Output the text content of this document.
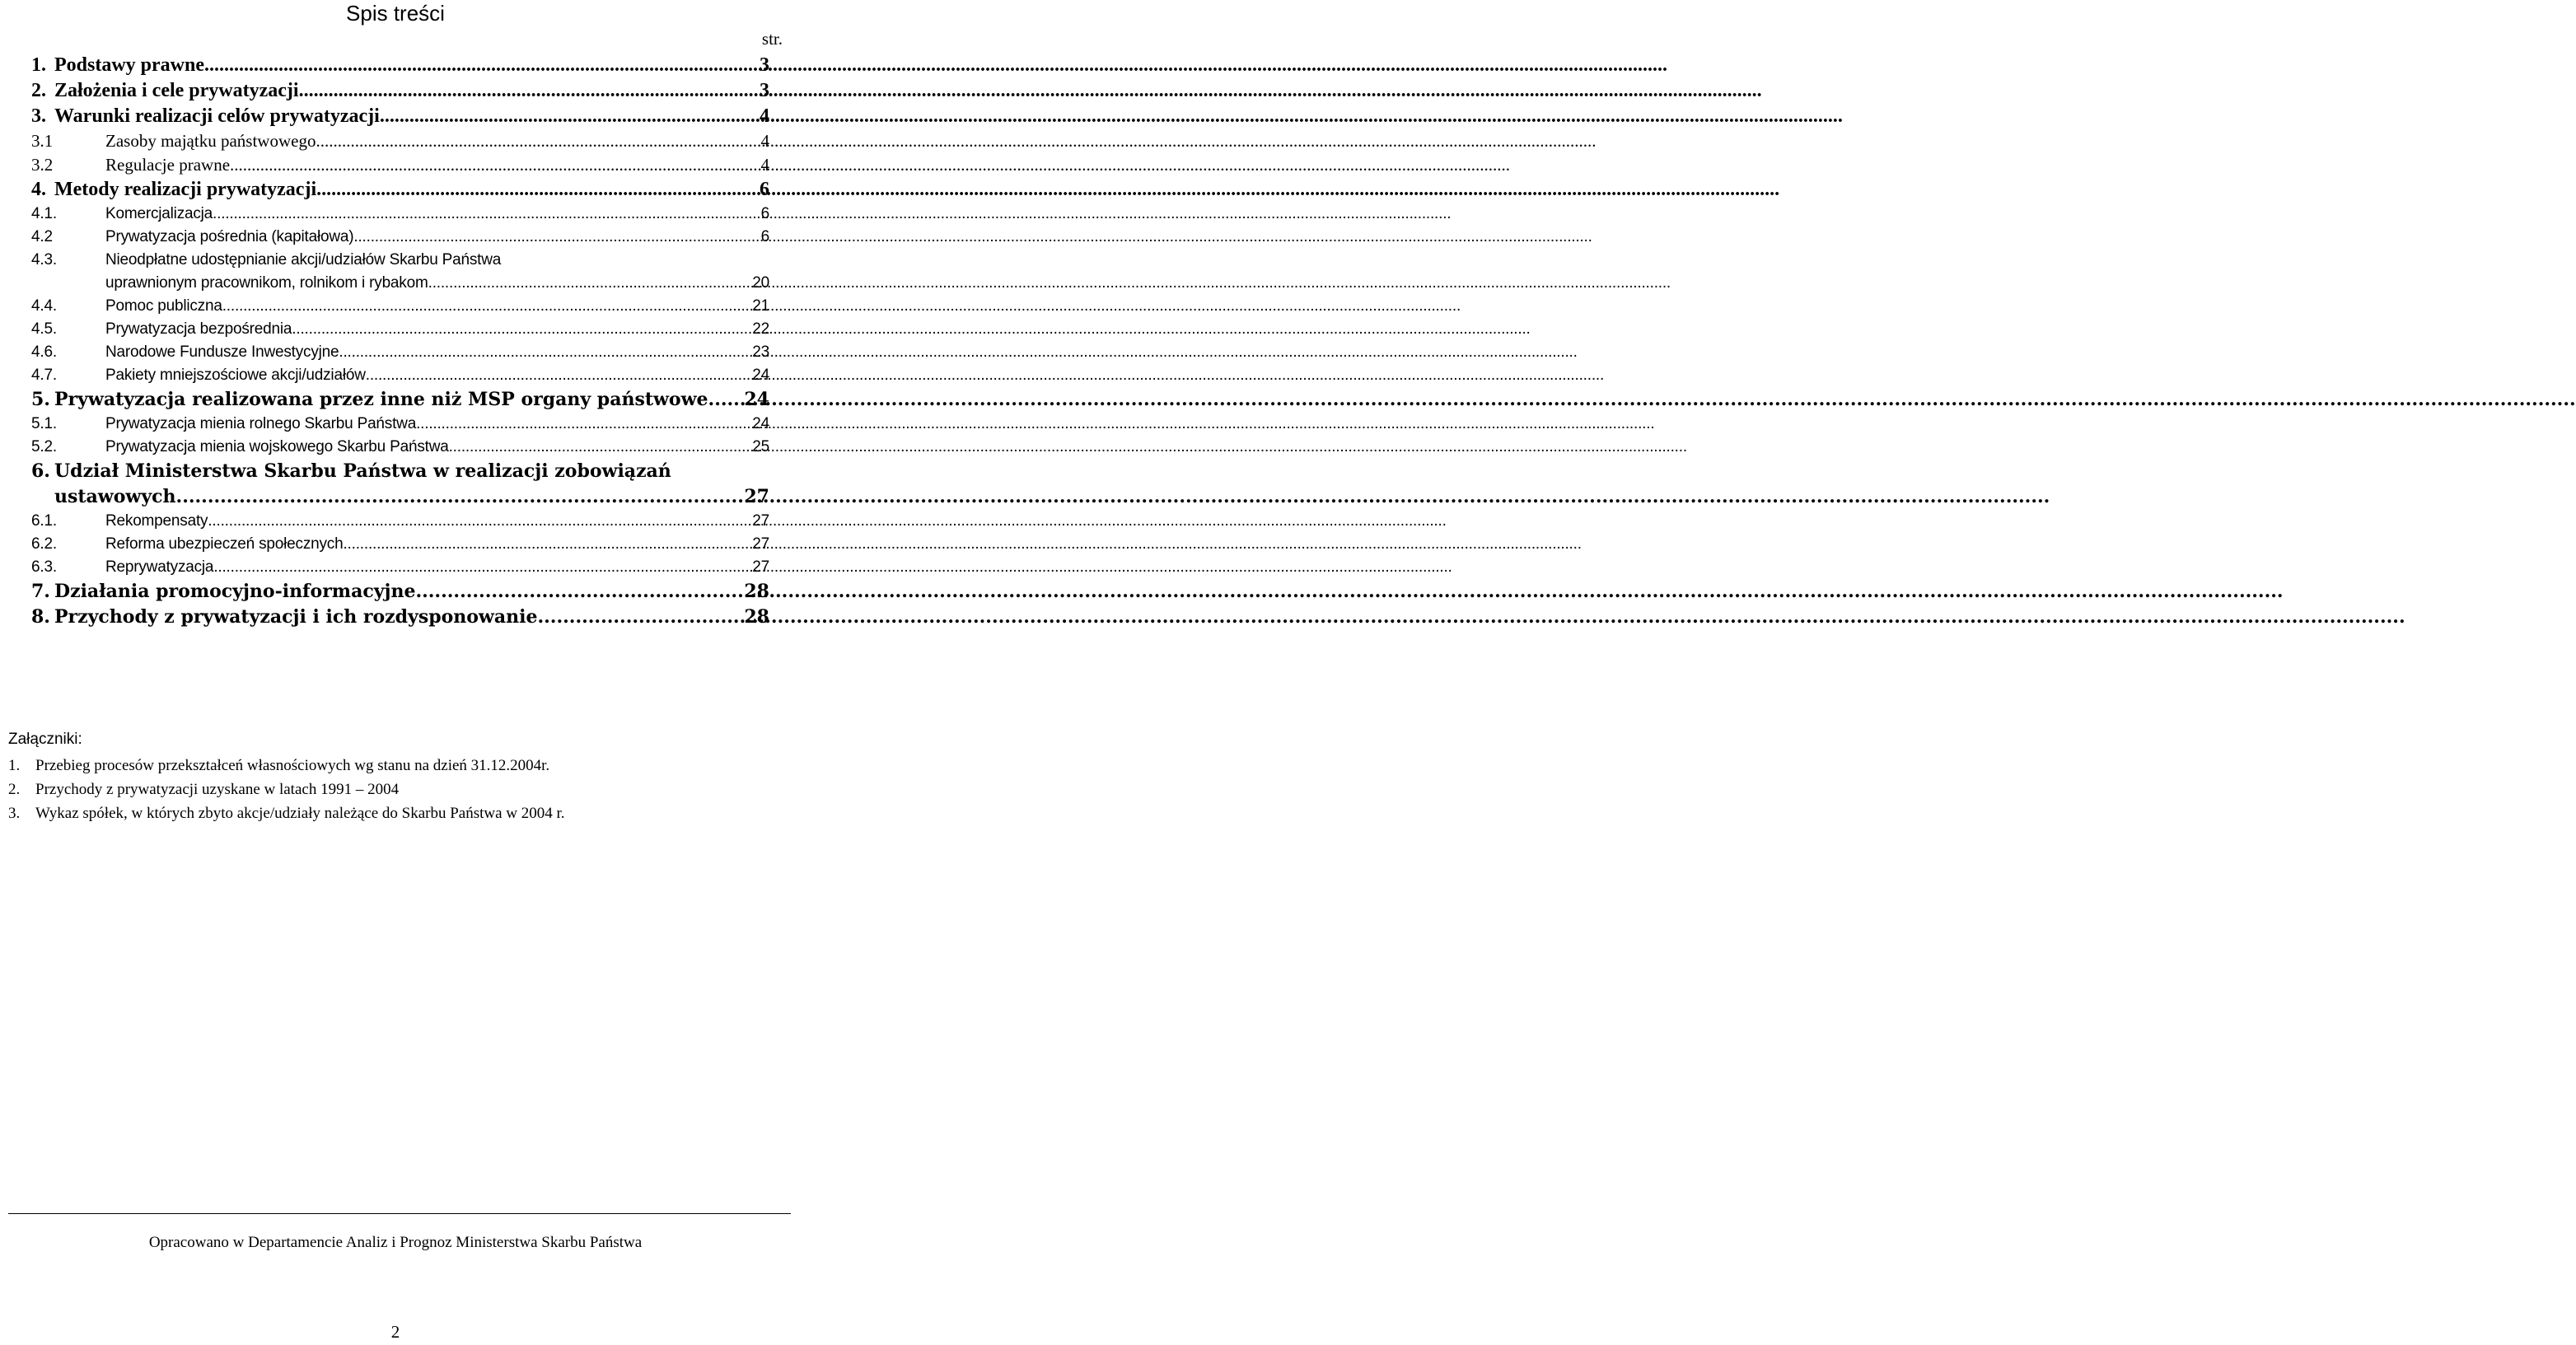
Spis treści
str.
1. Podstawy prawne .....	3
2. Założenia i cele prywatyzacji .....	3
3. Warunki realizacji celów prywatyzacji .....	4
3.1	Zasoby majątku państwowego .....	4
3.2	Regulacje prawne .....	4
4. Metody realizacji prywatyzacji .....	6
4.1.	Komercjalizacja .....	6
4.2	Prywatyzacja pośrednia (kapitałowa) .....	6
4.3.	Nieodpłatne udostępnianie akcji/udziałów Skarbu Państwa
uprawnionym pracownikom, rolnikom i rybakom. .....	20
4.4.	Pomoc publiczna .....	21
4.5.	Prywatyzacja bezpośrednia .....	22
4.6.	Narodowe Fundusze Inwestycyjne .....	23
4.7.	Pakiety mniejszościowe akcji/udziałów .....	24
5. Prywatyzacja realizowana przez inne niż MSP organy państwowe ..... 24
5.1.	Prywatyzacja mienia rolnego Skarbu Państwa .....	24
5.2.	Prywatyzacja mienia wojskowego Skarbu Państwa .....	25
6. Udział Ministerstwa Skarbu Państwa w realizacji zobowiązań
ustawowych. .....	27
6.1.	Rekompensaty .....	27
6.2.	Reforma ubezpieczeń społecznych .....	27
6.3.	Reprywatyzacja .....	27
7. Działania promocyjno-informacyjne .....	28
8. Przychody z prywatyzacji i ich rozdysponowanie .....	28
Załączniki:
1. Przebieg procesów przekształceń własnościowych wg stanu na dzień 31.12.2004r.
2. Przychody z prywatyzacji uzyskane w latach 1991 – 2004
3. Wykaz spółek, w których zbyto akcje/udziały należące do Skarbu Państwa w 2004 r.
Opracowano w Departamencie Analiz i Prognoz Ministerstwa Skarbu Państwa
2
